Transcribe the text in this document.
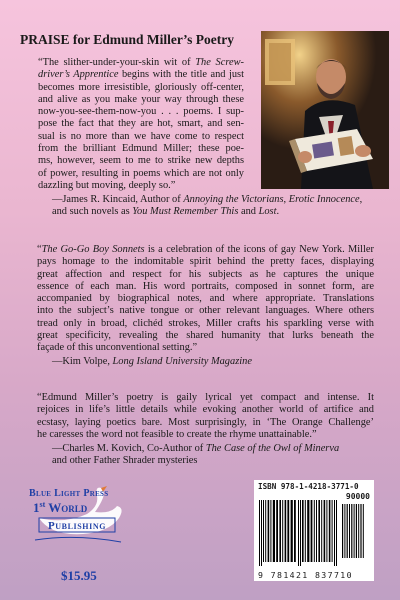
PRAISE for Edmund Miller’s Poetry
“The slither-under-your-skin wit of The Screw-
driver’s Apprentice begins with the title and just
becomes more irresistible, gloriously off-center,
and alive as you make your way through these
now-you-see-them-now-you . . . poems. I sup-
pose the fact that they are hot, smart, and sen-
sual is no more than we have come to respect
from the brilliant Edmund Miller; these poe-
ms, however, seem to me to strike new depths
of power, resulting in poems which are not only
dazzling but moving, deeply so.”
—James R. Kincaid, Author of Annoying the Victorians, Erotic Innocence,
and such novels as You Must Remember This and Lost.
“The Go-Go Boy Sonnets is a celebration of the icons of gay New York. Miller
pays homage to the indomitable spirit behind the pretty faces, displaying
great affection and respect for his subjects as he captures the unique
essence of each man. His word portraits, composed in sonnet form, are
accompanied by biographical notes, and where appropriate. Translations
into the subject’s native tongue or other relevant languages. Where others
tread only in broad, clichéd strokes, Miller crafts his sparkling verse with
great specificity, revealing the shared humanity that lurks beneath the
façade of this unconventional setting.”
—Kim Volpe, Long Island University Magazine
“Edmund Miller’s poetry is gaily lyrical yet compact and intense. It
rejoices in life’s little details while evoking another world of artifice and
ecstasy, laying poetics bare. Most surprisingly, in ‘The Orange Challenge’
he caresses the word not feasible to create the rhyme unattainable.”
—Charles M. Kovich, Co-Author of The Case of the Owl of Minerva
and other Father Shrader mysteries
Blue Light Press
1st World
Publishing
$15.95
ISBN 978-1-4218-3771-0
90000
9 781421 837710
